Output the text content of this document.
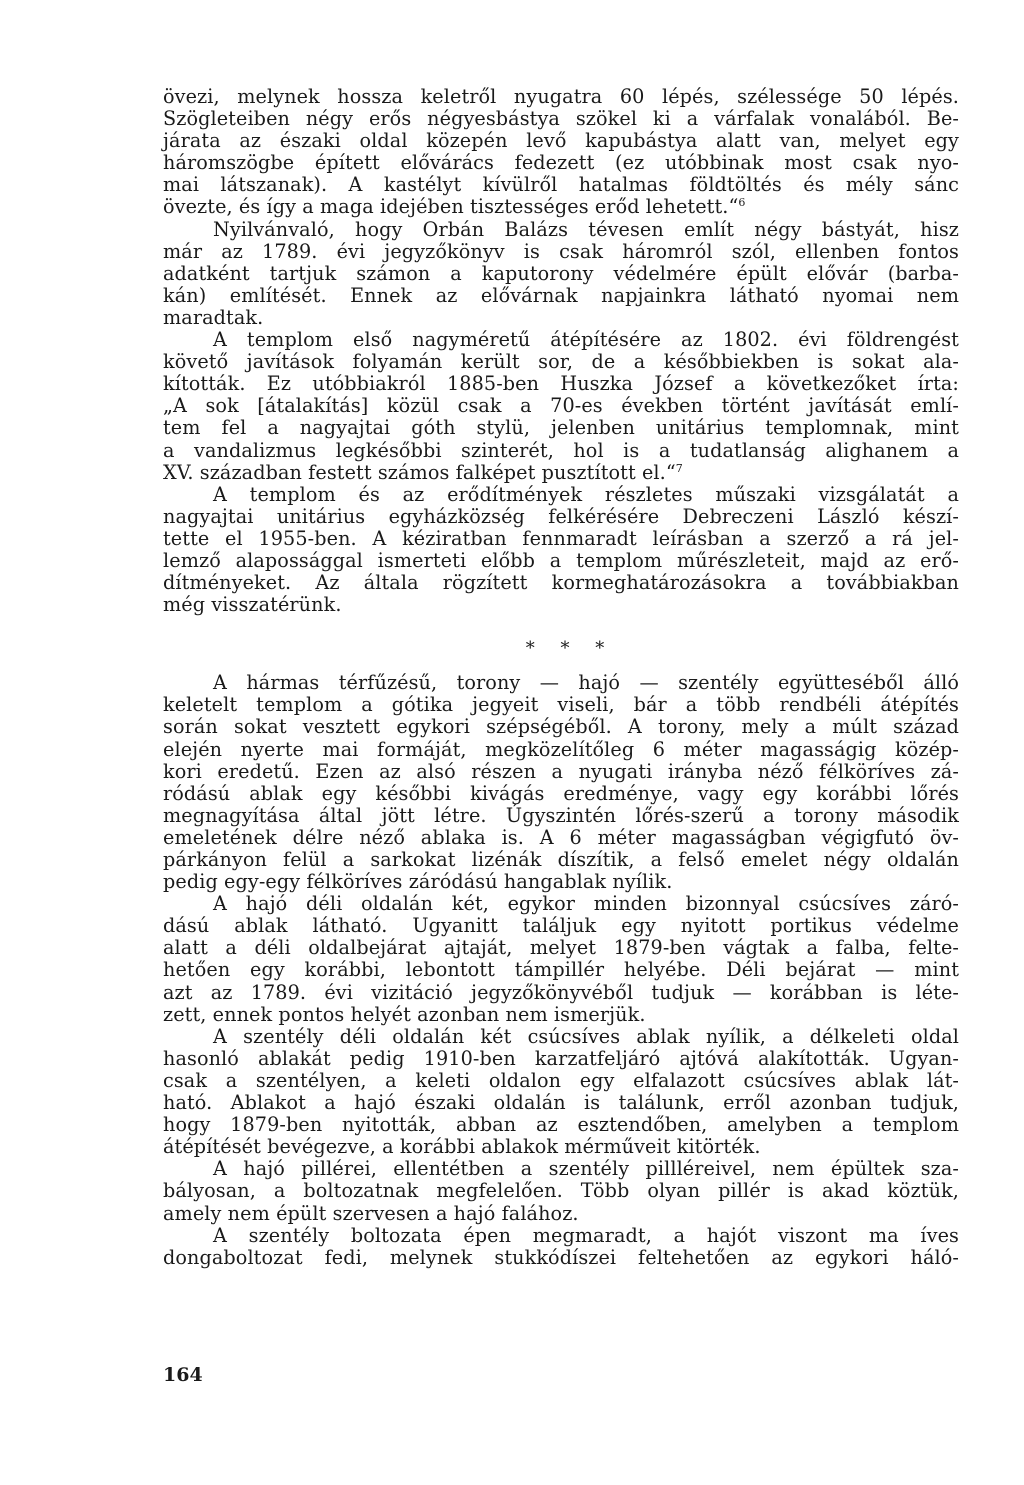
övezi, melynek hossza keletről nyugatra 60 lépés, szélessége 50 lépés.
Szögleteiben négy erős négyesbástya szökel ki a várfalak vonalából. Be-
járata az északi oldal közepén levő kapubástya alatt van, melyet egy
háromszögbe épített elővárács fedezett (ez utóbbinak most csak nyo-
mai látszanak). A kastélyt kívülről hatalmas földtöltés és mély sánc
övezte, és így a maga idejében tisztességes erőd lehetett.“$^6$
Nyilvánvaló, hogy Orbán Balázs tévesen említ négy bástyát, hisz
már az 1789. évi jegyzőkönyv is csak háromról szól, ellenben fontos
adatként tartjuk számon a kaputorony védelmére épült elővár (barba-
kán) említését. Ennek az elővárnak napjainkra látható nyomai nem
maradtak.
A templom első nagyméretű átépítésére az 1802. évi földrengést
követő javítások folyamán került sor, de a későbbiekben is sokat ala-
kították. Ez utóbbiakról 1885-ben Huszka József a következőket írta:
„A sok [átalakítás] közül csak a 70-es években történt javítását emlí-
tem fel a nagyajtai góth stylü, jelenben unitárius templomnak, mint
a vandalizmus legkésőbbi szinterét, hol is a tudatlanság alighanem a
XV. században festett számos falképet pusztított el.“$^7$
A templom és az erődítmények részletes műszaki vizsgálatát a
nagyajtai unitárius egyházközség felkérésére Debreczeni László készí-
tette el 1955-ben. A kéziratban fennmaradt leírásban a szerző a rá jel-
lemző alapossággal ismerteti előbb a templom műrészleteit, majd az erő-
dítményeket. Az általa rögzített kormeghatározásokra a továbbiakban
még visszatérünk.
* * *
A hármas térfűzésű, torony — hajó — szentély együtteséből álló
keletelt templom a gótika jegyeit viseli, bár a több rendbéli átépítés
során sokat vesztett egykori szépségéből. A torony, mely a múlt század
elején nyerte mai formáját, megközelítőleg 6 méter magasságig közép-
kori eredetű. Ezen az alsó részen a nyugati irányba néző félköríves zá-
ródású ablak egy későbbi kivágás eredménye, vagy egy korábbi lőrés
megnagyítása által jött létre. Úgyszintén lőrés-szerű a torony második
emeletének délre néző ablaka is. A 6 méter magasságban végigfutó öv-
párkányon felül a sarkokat lizénák díszítik, a felső emelet négy oldalán
pedig egy-egy félköríves záródású hangablak nyílik.
A hajó déli oldalán két, egykor minden bizonnyal csúcsíves záró-
dású ablak látható. Ugyanitt találjuk egy nyitott portikus védelme
alatt a déli oldalbejárat ajtaját, melyet 1879-ben vágtak a falba, felte-
hetően egy korábbi, lebontott támpillér helyébe. Déli bejárat — mint
azt az 1789. évi vizitáció jegyzőkönyvéből tudjuk — korábban is léte-
zett, ennek pontos helyét azonban nem ismerjük.
A szentély déli oldalán két csúcsíves ablak nyílik, a délkeleti oldal
hasonló ablakát pedig 1910-ben karzatfeljáró ajtóvá alakították. Ugyan-
csak a szentélyen, a keleti oldalon egy elfalazott csúcsíves ablak lát-
ható. Ablakot a hajó északi oldalán is találunk, erről azonban tudjuk,
hogy 1879-ben nyitották, abban az esztendőben, amelyben a templom
átépítését bevégezve, a korábbi ablakok mérműveit kitörték.
A hajó pillérei, ellentétben a szentély pillléreivel, nem épültek sza-
bályosan, a boltozatnak megfelelően. Több olyan pillér is akad köztük,
amely nem épült szervesen a hajó falához.
A szentély boltozata épen megmaradt, a hajót viszont ma íves
dongaboltozat fedi, melynek stukkódíszei feltehetően az egykori háló-
164
